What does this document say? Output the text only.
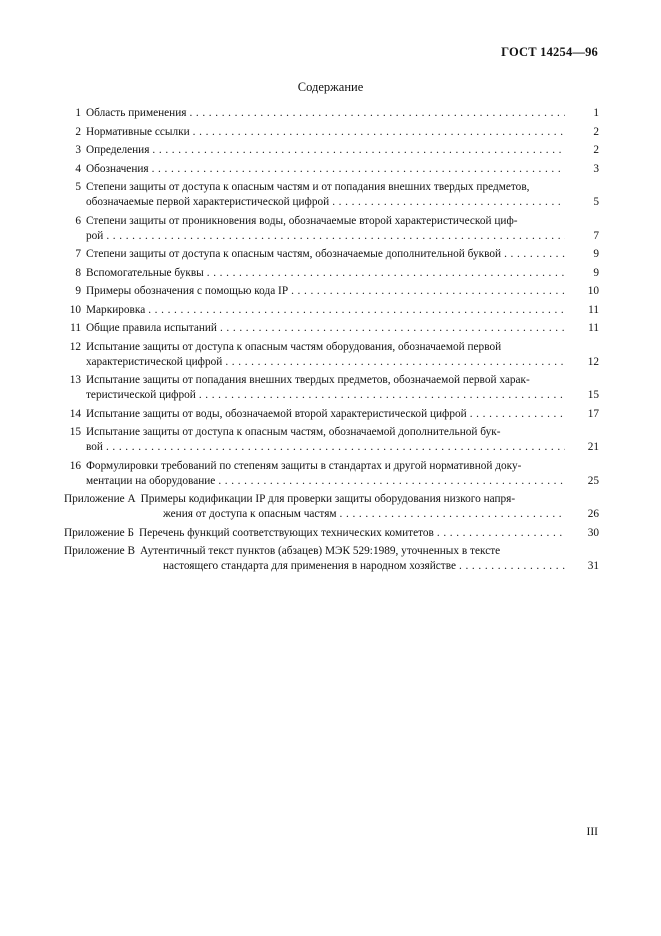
ГОСТ 14254—96
Содержание
1 Область применения . . .	1
2 Нормативные ссылки . . .	2
3 Определения . . .	2
4 Обозначения . . .	3
5 Степени защиты от доступа к опасным частям и от попадания внешних твердых предметов,
обозначаемые первой характеристической цифрой . . .	5
6 Степени защиты от проникновения воды, обозначаемые второй характеристической циф-
рой . . .	7
7 Степени защиты от доступа к опасным частям, обозначаемые дополнительной буквой . . .	9
8 Вспомогательные буквы . . .	9
9 Примеры обозначения с помощью кода IP . . .	10
10 Маркировка . . .	11
11 Общие правила испытаний . . .	11
12 Испытание защиты от доступа к опасным частям оборудования, обозначаемой первой
характеристической цифрой . . .	12
13 Испытание защиты от попадания внешних твердых предметов, обозначаемой первой харак-
теристической цифрой . . .	15
14 Испытание защиты от воды, обозначаемой второй характеристической цифрой . . .	17
15 Испытание защиты от доступа к опасным частям, обозначаемой дополнительной бук-
вой . . .	21
16 Формулировки требований по степеням защиты в стандартах и другой нормативной доку-
ментации на оборудование . . .	25
Приложение А Примеры кодификации IP для проверки защиты оборудования низкого напря-
жения от доступа к опасным частям . . .	26
Приложение Б Перечень функций соответствующих технических комитетов . . .	30
Приложение В Аутентичный текст пунктов (абзацев) МЭК 529:1989, уточненных в тексте
настоящего стандарта для применения в народном хозяйстве . . .	31
III
